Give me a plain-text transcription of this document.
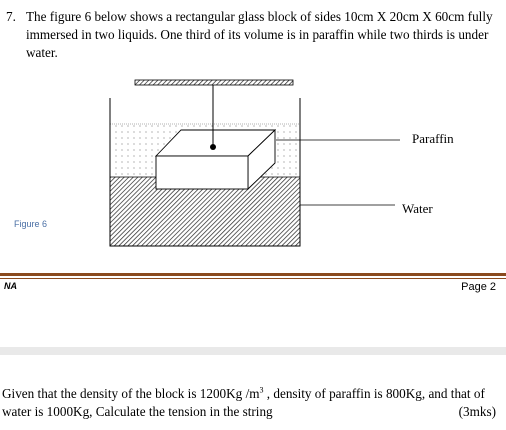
7. The figure 6 below shows a rectangular glass block of sides 10cm X 20cm X 60cm fully
immersed in two liquids. One third of its volume is in paraffin while two thirds is under
water.
Paraffin
Water
Figure 6
NA	Page 2
Given that the density of the block is 1200Kg $/m^3$ , density of paraffin is 800Kg, and that of
water is 1000Kg, Calculate the tension in the string	(3mks)
